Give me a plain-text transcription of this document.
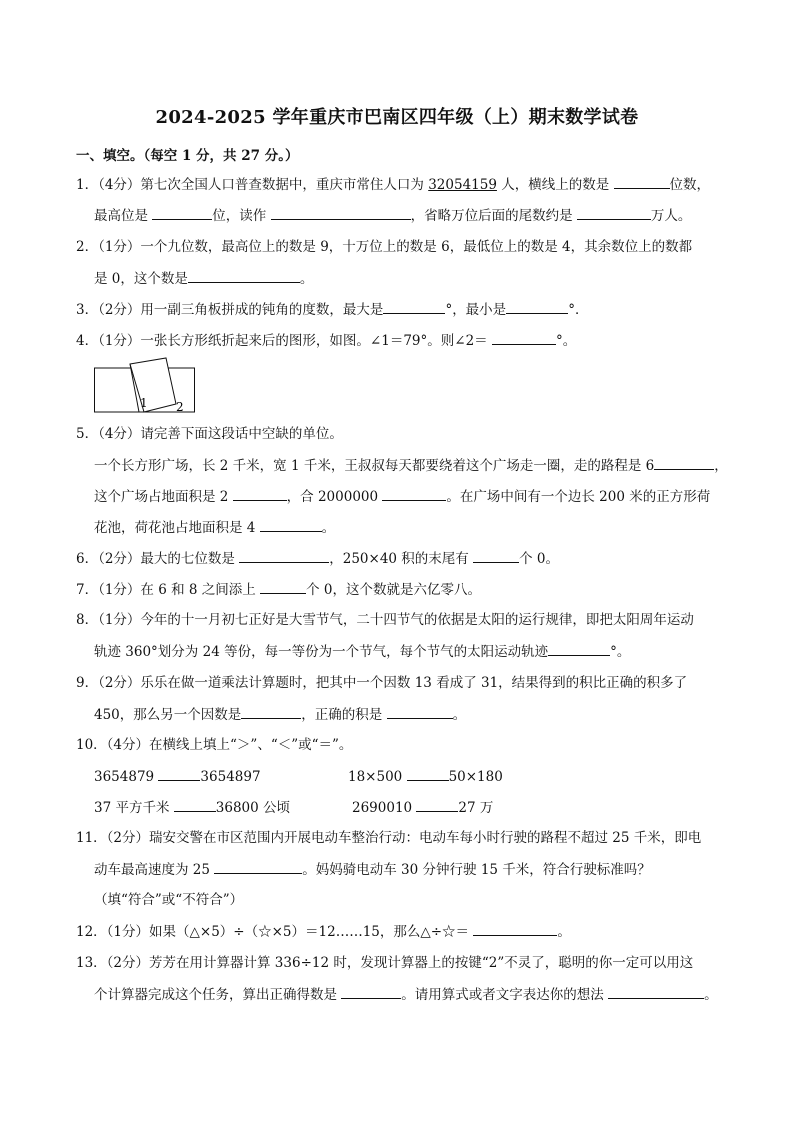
2024-2025 学年重庆市巴南区四年级（上）期末数学试卷
一、填空。（每空 1 分，共 27 分。）
1．（4分）第七次全国人口普查数据中，重庆市常住人口为 32054159 人，横线上的数是	位数，
最高位是	位，读作	，省略万位后面的尾数约是	万人。
2．（1分）一个九位数，最高位上的数是 9，十万位上的数是 6，最低位上的数是 4，其余数位上的数都
是 0，这个数是	。
3．（2分）用一副三角板拼成的钝角的度数，最大是	°，最小是	°．
4．（1分）一张长方形纸折起来后的图形，如图。∠1＝79°。则∠2＝	°。
1 2
5．（4分）请完善下面这段话中空缺的单位。
一个长方形广场，长 2 千米，宽 1 千米，王叔叔每天都要绕着这个广场走一圈，走的路程是 6	，
这个广场占地面积是 2	，合 2000000	。在广场中间有一个边长 200 米的正方形荷
花池，荷花池占地面积是 4	。
6．（2分）最大的七位数是	，250×40 积的末尾有	个 0。
7．（1分）在 6 和 8 之间添上	个 0，这个数就是六亿零八。
8．（1分）今年的十一月初七正好是大雪节气，二十四节气的依据是太阳的运行规律，即把太阳周年运动
轨迹 360°划分为 24 等份，每一等份为一个节气，每个节气的太阳运动轨迹	°。
9．（2分）乐乐在做一道乘法计算题时，把其中一个因数 13 看成了 31，结果得到的积比正确的积多了
450，那么另一个因数是	，正确的积是	。
10．（4分）在横线上填上“＞”、“＜”或“＝”。
3654879	3654897	18×500	50×180
37 平方千米	36800 公顷	2690010	27 万
11．（2分）瑞安交警在市区范围内开展电动车整治行动：电动车每小时行驶的路程不超过 25 千米，即电
动车最高速度为 25	。妈妈骑电动车 30 分钟行驶 15 千米，符合行驶标准吗？
（填“符合”或“不符合”）
12．（1分）如果（△×5）÷（☆×5）＝12……15，那么△÷☆＝	。
13．（2分）芳芳在用计算器计算 336÷12 时，发现计算器上的按键“2”不灵了，聪明的你一定可以用这
个计算器完成这个任务，算出正确得数是	。请用算式或者文字表达你的想法	。
